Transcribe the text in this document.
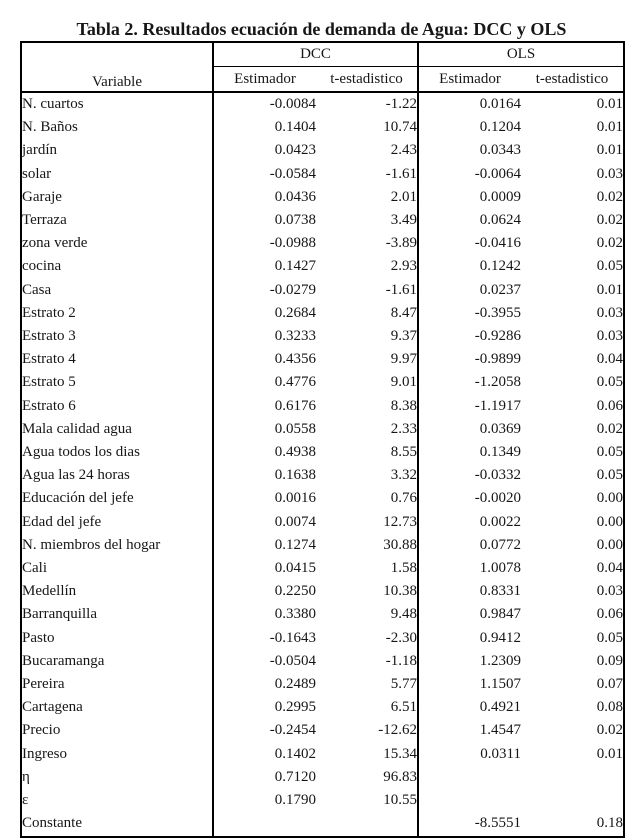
Tabla 2. Resultados ecuación de demanda de Agua: DCC y OLS
Variable	DCC		OLS	
	Estimador	t-estadistico	Estimador	t-estadistico
N. cuartos	-0.0084	-1.22	0.0164	0.01
N. Baños	0.1404	10.74	0.1204	0.01
jardín	0.0423	2.43	0.0343	0.01
solar	-0.0584	-1.61	-0.0064	0.03
Garaje	0.0436	2.01	0.0009	0.02
Terraza	0.0738	3.49	0.0624	0.02
zona verde	-0.0988	-3.89	-0.0416	0.02
cocina	0.1427	2.93	0.1242	0.05
Casa	-0.0279	-1.61	0.0237	0.01
Estrato 2	0.2684	8.47	-0.3955	0.03
Estrato 3	0.3233	9.37	-0.9286	0.03
Estrato 4	0.4356	9.97	-0.9899	0.04
Estrato 5	0.4776	9.01	-1.2058	0.05
Estrato 6	0.6176	8.38	-1.1917	0.06
Mala calidad agua	0.0558	2.33	0.0369	0.02
Agua todos los dias	0.4938	8.55	0.1349	0.05
Agua las 24 horas	0.1638	3.32	-0.0332	0.05
Educación del jefe	0.0016	0.76	-0.0020	0.00
Edad del jefe	0.0074	12.73	0.0022	0.00
N. miembros del hogar	0.1274	30.88	0.0772	0.00
Cali	0.0415	1.58	1.0078	0.04
Medellín	0.2250	10.38	0.8331	0.03
Barranquilla	0.3380	9.48	0.9847	0.06
Pasto	-0.1643	-2.30	0.9412	0.05
Bucaramanga	-0.0504	-1.18	1.2309	0.09
Pereira	0.2489	5.77	1.1507	0.07
Cartagena	0.2995	6.51	0.4921	0.08
Precio	-0.2454	-12.62	1.4547	0.02
Ingreso	0.1402	15.34	0.0311	0.01
η	0.7120	96.83		
ε	0.1790	10.55		
Constante			-8.5551	0.18
